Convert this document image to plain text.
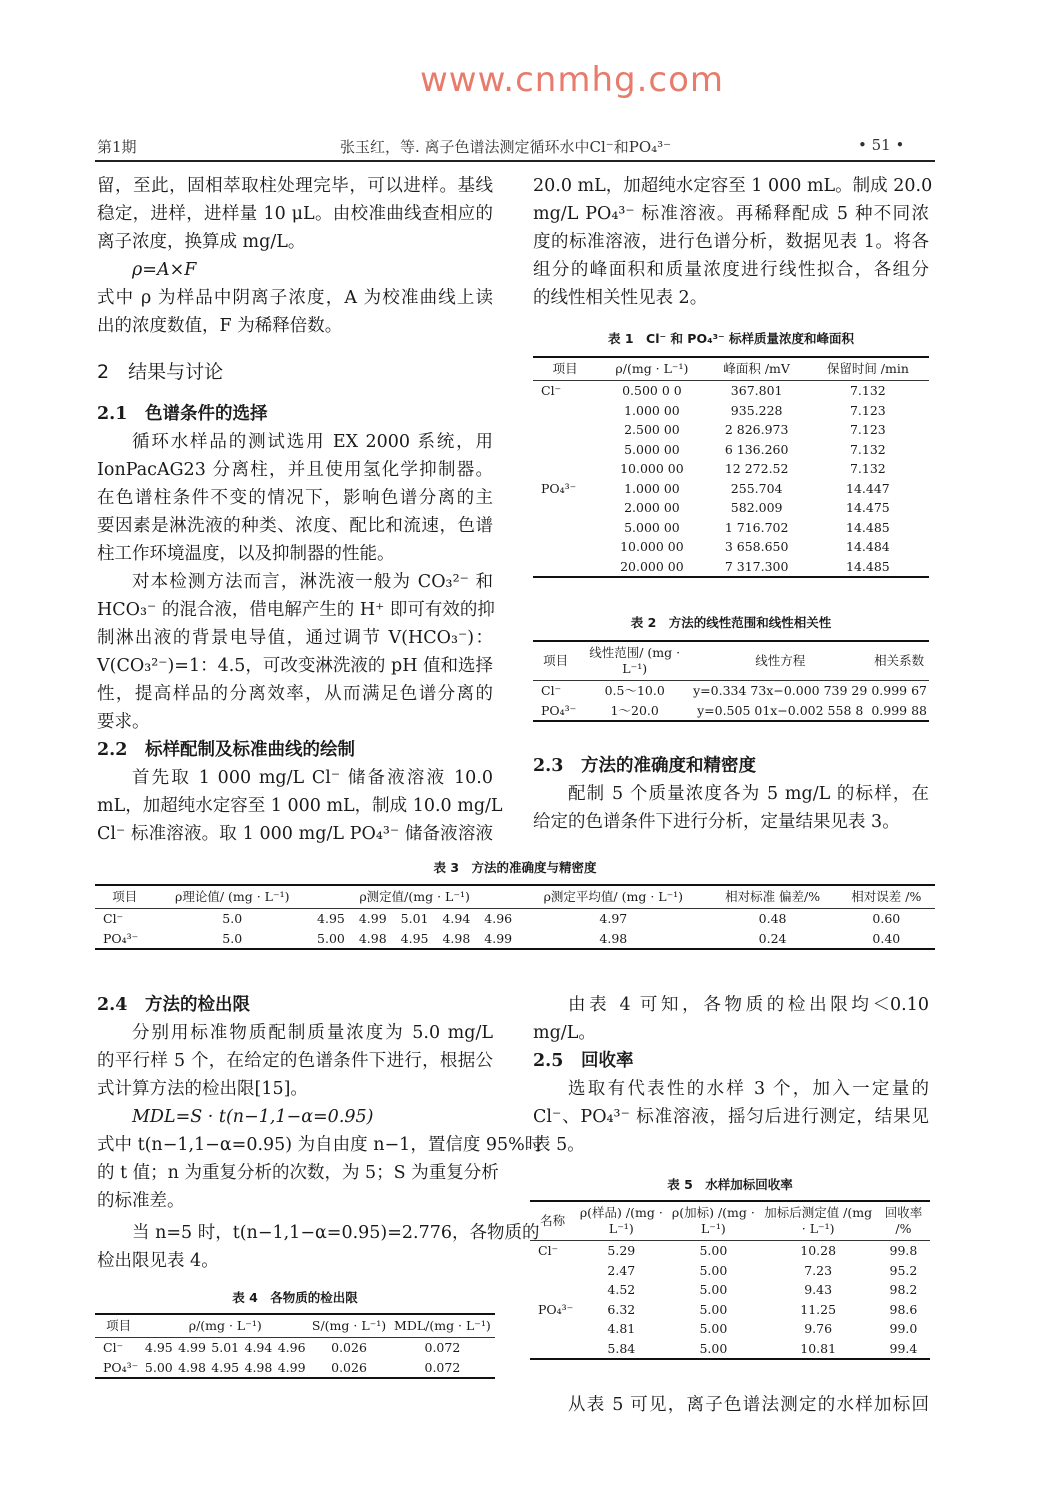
第1期	张玉红，等. 离子色谱法测定循环水中Cl⁻和PO₄³⁻	• 51 •
留，至此，固相萃取柱处理完毕，可以进样。基线
稳定，进样，进样量 10 μL。由校准曲线查相应的
离子浓度，换算成 mg/L。
ρ=A×F
式中 ρ 为样品中阴离子浓度，A 为校准曲线上读
出的浓度数值，F 为稀释倍数。
2　结果与讨论
2.1　色谱条件的选择
循环水样品的测试选用 EX 2000 系统，用
IonPacAG23 分离柱，并且使用氢化学抑制器。
在色谱柱条件不变的情况下，影响色谱分离的主
要因素是淋洗液的种类、浓度、配比和流速，色谱
柱工作环境温度，以及抑制器的性能。
对本检测方法而言，淋洗液一般为 CO₃²⁻ 和
HCO₃⁻ 的混合液，借电解产生的 H⁺ 即可有效的抑
制淋出液的背景电导值，通过调节 V(HCO₃⁻)：
V(CO₃²⁻)=1：4.5，可改变淋洗液的 pH 值和选择
性，提高样品的分离效率，从而满足色谱分离的
要求。
2.2　标样配制及标准曲线的绘制
首先取 1 000 mg/L Cl⁻ 储备液溶液 10.0
mL，加超纯水定容至 1 000 mL，制成 10.0 mg/L
Cl⁻ 标准溶液。取 1 000 mg/L PO₄³⁻ 储备液溶液
20.0 mL，加超纯水定容至 1 000 mL。制成 20.0
mg/L PO₄³⁻ 标准溶液。再稀释配成 5 种不同浓
度的标准溶液，进行色谱分析，数据见表 1。将各
组分的峰面积和质量浓度进行线性拟合，各组分
的线性相关性见表 2。
2.3　方法的准确度和精密度
配制 5 个质量浓度各为 5 mg/L 的标样，在
给定的色谱条件下进行分析，定量结果见表 3。
2.4　方法的检出限
分别用标准物质配制质量浓度为 5.0 mg/L
的平行样 5 个，在给定的色谱条件下进行，根据公
式计算方法的检出限[15]。
MDL=S · t(n−1,1−α=0.95)
式中 t(n−1,1−α=0.95) 为自由度 n−1，置信度 95%时
的 t 值；n 为重复分析的次数，为 5；S 为重复分析
的标准差。
当 n=5 时，t(n−1,1−α=0.95)=2.776，各物质的
检出限见表 4。
由表 4 可知，各物质的检出限均＜0.10
mg/L。
2.5　回收率
选取有代表性的水样 3 个，加入一定量的
Cl⁻、PO₄³⁻ 标准溶液，摇匀后进行测定，结果见
表 5。
从表 5 可见，离子色谱法测定的水样加标回
表 1　Cl⁻ 和 PO₄³⁻ 标样质量浓度和峰面积
项目	ρ/(mg · L⁻¹)	峰面积 /mV	保留时间 /min
Cl⁻	0.500 0 0	367.801	7.132
	1.000 00	935.228	7.123
	2.500 00	2 826.973	7.123
	5.000 00	6 136.260	7.132
	10.000 00	12 272.52	7.132
PO₄³⁻	1.000 00	255.704	14.447
	2.000 00	582.009	14.475
	5.000 00	1 716.702	14.485
	10.000 00	3 658.650	14.484
	20.000 00	7 317.300	14.485
表 2　方法的线性范围和线性相关性
项目	线性范围/ (mg · L⁻¹)	线性方程	相关系数
Cl⁻	0.5～10.0	y=0.334 73x−0.000 739 29	0.999 67
PO₄³⁻	1～20.0	y=0.505 01x−0.002 558 8	0.999 88
表 3　方法的准确度与精密度
项目	ρ理论值/ (mg · L⁻¹)	ρ测定值/(mg · L⁻¹)					ρ测定平均值/ (mg · L⁻¹)	相对标准 偏差/%	相对误差 /%
Cl⁻	5.0	4.95	4.99	5.01	4.94	4.96	4.97	0.48	0.60
PO₄³⁻	5.0	5.00	4.98	4.95	4.98	4.99	4.98	0.24	0.40
表 4　各物质的检出限
项目	ρ/(mg · L⁻¹)					S/(mg · L⁻¹)	MDL/(mg · L⁻¹)
Cl⁻	4.95	4.99	5.01	4.94	4.96	0.026	0.072
PO₄³⁻	5.00	4.98	4.95	4.98	4.99	0.026	0.072
表 5　水样加标回收率
名称	ρ(样品) /(mg · L⁻¹)	ρ(加标) /(mg · L⁻¹)	加标后测定值 /(mg · L⁻¹)	回收率 /%
Cl⁻	5.29	5.00	10.28	99.8
	2.47	5.00	7.23	95.2
	4.52	5.00	9.43	98.2
PO₄³⁻	6.32	5.00	11.25	98.6
	4.81	5.00	9.76	99.0
	5.84	5.00	10.81	99.4
www.cnmhg.com
